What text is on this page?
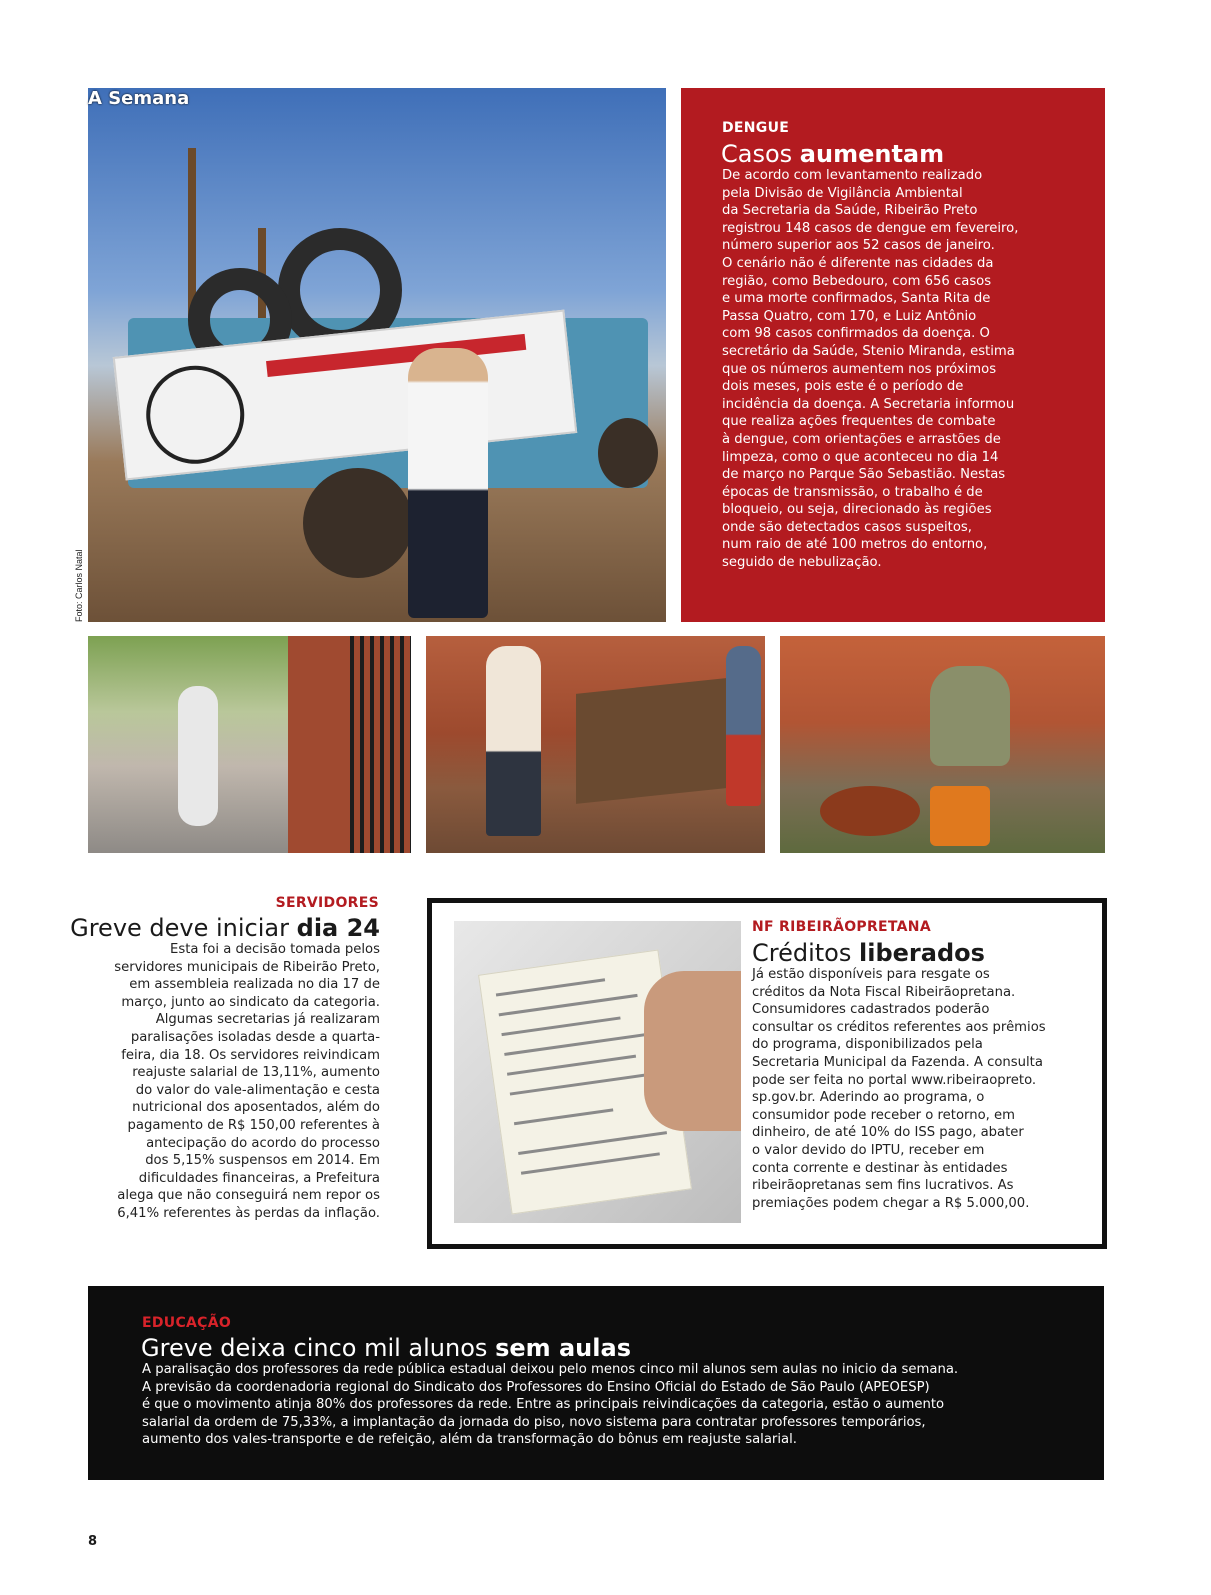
A Semana
Foto: Carlos Natal
DENGUE
Casos aumentam
De acordo com levantamento realizado
pela Divisão de Vigilância Ambiental
da Secretaria da Saúde, Ribeirão Preto
registrou 148 casos de dengue em fevereiro,
número superior aos 52 casos de janeiro.
O cenário não é diferente nas cidades da
região, como Bebedouro, com 656 casos
e uma morte confirmados, Santa Rita de
Passa Quatro, com 170, e Luiz Antônio
com 98 casos confirmados da doença. O
secretário da Saúde, Stenio Miranda, estima
que os números aumentem nos próximos
dois meses, pois este é o período de
incidência da doença. A Secretaria informou
que realiza ações frequentes de combate
à dengue, com orientações e arrastões de
limpeza, como o que aconteceu no dia 14
de março no Parque São Sebastião. Nestas
épocas de transmissão, o trabalho é de
bloqueio, ou seja, direcionado às regiões
onde são detectados casos suspeitos,
num raio de até 100 metros do entorno,
seguido de nebulização.
SERVIDORES
Greve deve iniciar dia 24
Esta foi a decisão tomada pelos
servidores municipais de Ribeirão Preto,
em assembleia realizada no dia 17 de
março, junto ao sindicato da categoria.
Algumas secretarias já realizaram
paralisações isoladas desde a quarta-
feira, dia 18. Os servidores reivindicam
reajuste salarial de 13,11%, aumento
do valor do vale-alimentação e cesta
nutricional dos aposentados, além do
pagamento de R$ 150,00 referentes à
antecipação do acordo do processo
dos 5,15% suspensos em 2014. Em
dificuldades financeiras, a Prefeitura
alega que não conseguirá nem repor os
6,41% referentes às perdas da inflação.
NF RIBEIRÃOPRETANA
Créditos liberados
Já estão disponíveis para resgate os
créditos da Nota Fiscal Ribeirãopretana.
Consumidores cadastrados poderão
consultar os créditos referentes aos prêmios
do programa, disponibilizados pela
Secretaria Municipal da Fazenda. A consulta
pode ser feita no portal www.ribeiraopreto.
sp.gov.br. Aderindo ao programa, o
consumidor pode receber o retorno, em
dinheiro, de até 10% do ISS pago, abater
o valor devido do IPTU, receber em
conta corrente e destinar às entidades
ribeirãopretanas sem fins lucrativos. As
premiações podem chegar a R$ 5.000,00.
EDUCAÇÃO
Greve deixa cinco mil alunos sem aulas
A paralisação dos professores da rede pública estadual deixou pelo menos cinco mil alunos sem aulas no inicio da semana.
A previsão da coordenadoria regional do Sindicato dos Professores do Ensino Oficial do Estado de São Paulo (APEOESP)
é que o movimento atinja 80% dos professores da rede. Entre as principais reivindicações da categoria, estão o aumento
salarial da ordem de 75,33%, a implantação da jornada do piso, novo sistema para contratar professores temporários,
aumento dos vales-transporte e de refeição, além da transformação do bônus em reajuste salarial.
8
